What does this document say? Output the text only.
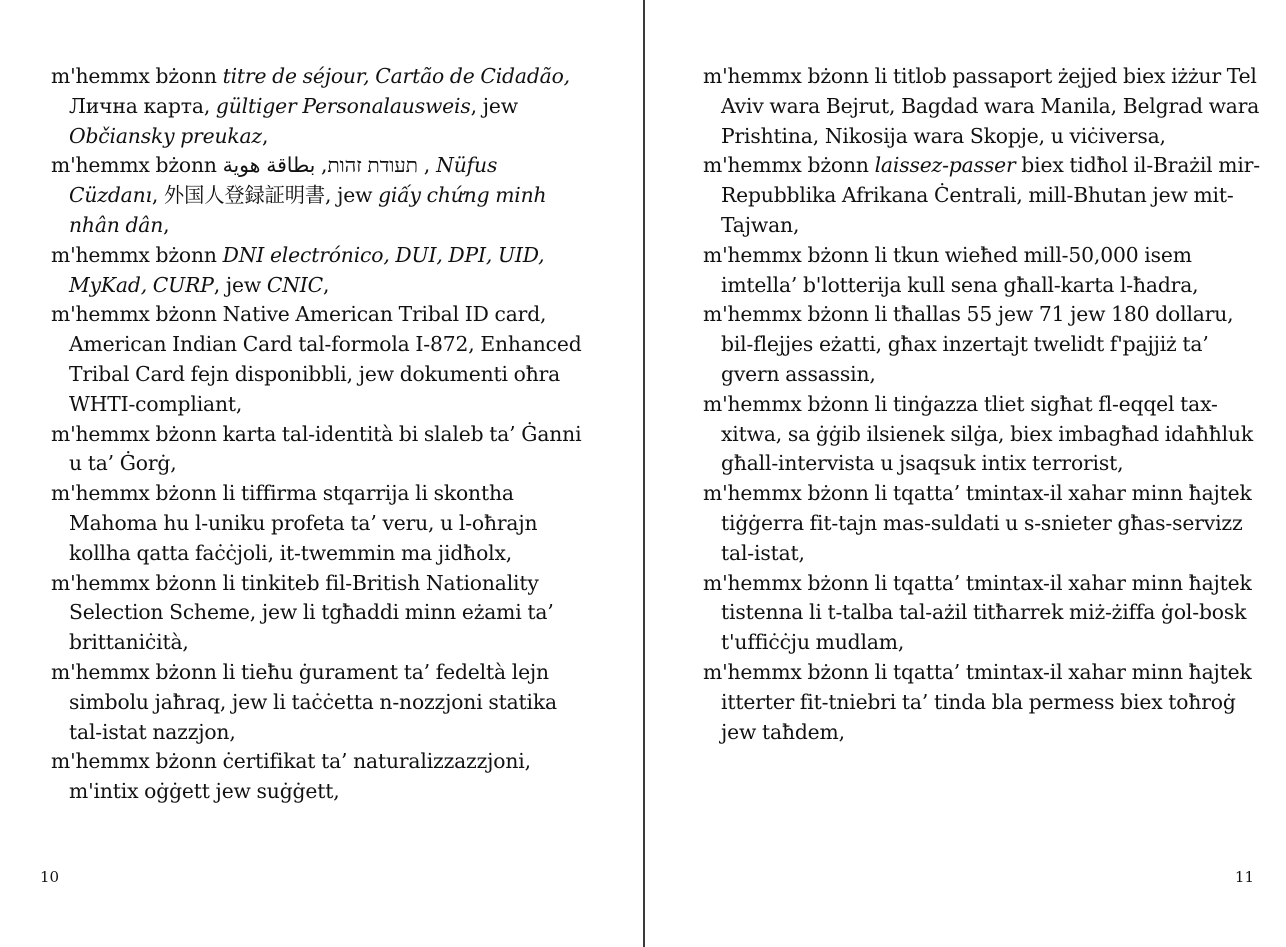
m'hemmx bżonn titre de séjour, Cartão de Cidadão, Лична карта, gültiger Personalausweis, jew Občiansky preukaz,

m'hemmx bżonn תעודת זהות, بطاقة هوية , Nüfus Cüzdanı, 外国人登録証明書, jew giấy chứng minh nhân dân,

m'hemmx bżonn DNI electrónico, DUI, DPI, UID, MyKad, CURP, jew CNIC,

m'hemmx bżonn Native American Tribal ID card, American Indian Card tal-formola I-872, Enhanced Tribal Card fejn disponibbli, jew dokumenti oħra WHTI-compliant,

m'hemmx bżonn karta tal-identità bi slaleb ta’ Ġanni u ta’ Ġorġ,

m'hemmx bżonn li tiffirma stqarrija li skontha Mahoma hu l-uniku profeta ta’ veru, u l-oħrajn kollha qatta faċċjoli, it-twemmin ma jidħolx,

m'hemmx bżonn li tinkiteb fil-British Nationality Selection Scheme, jew li tgħaddi minn eżami ta’ brittaniċità,

m'hemmx bżonn li tieħu ġurament ta’ fedeltà lejn simbolu jaħraq, jew li taċċetta n-nozzjoni statika tal-istat nazzjon,

m'hemmx bżonn ċertifikat ta’ naturalizzazzjoni, m'intix oġġett jew suġġett,

10

m'hemmx bżonn li titlob passaport żejjed biex iżżur Tel Aviv wara Bejrut, Bagdad wara Manila, Belgrad wara Prishtina, Nikosija wara Skopje, u viċiversa,

m'hemmx bżonn laissez-passer biex tidħol il-Brażil mir-Repubblika Afrikana Ċentrali, mill-Bhutan jew mit-Tajwan,

m'hemmx bżonn li tkun wieħed mill-50,000 isem imtella’ b'lotterija kull sena għall-karta l-ħadra,

m'hemmx bżonn li tħallas 55 jew 71 jew 180 dollaru, bil-flejjes eżatti, għax inzertajt twelidt f'pajjiż ta’ gvern assassin,

m'hemmx bżonn li tinġazza tliet sigħat fl-eqqel tax-xitwa, sa ġġib ilsienek silġa, biex imbagħad idaħħluk għall-intervista u jsaqsuk intix terrorist,

m'hemmx bżonn li tqatta’ tmintax-il xahar minn ħajtek tiġġerra fit-tajn mas-suldati u s-snieter għas-servizz tal-istat,

m'hemmx bżonn li tqatta’ tmintax-il xahar minn ħajtek tistenna li t-talba tal-ażil titħarrek miż-żiffa ġol-bosk t'uffiċċju mudlam,

m'hemmx bżonn li tqatta’ tmintax-il xahar minn ħajtek itterter fit-tniebri ta’ tinda bla permess biex toħroġ jew taħdem,

11
